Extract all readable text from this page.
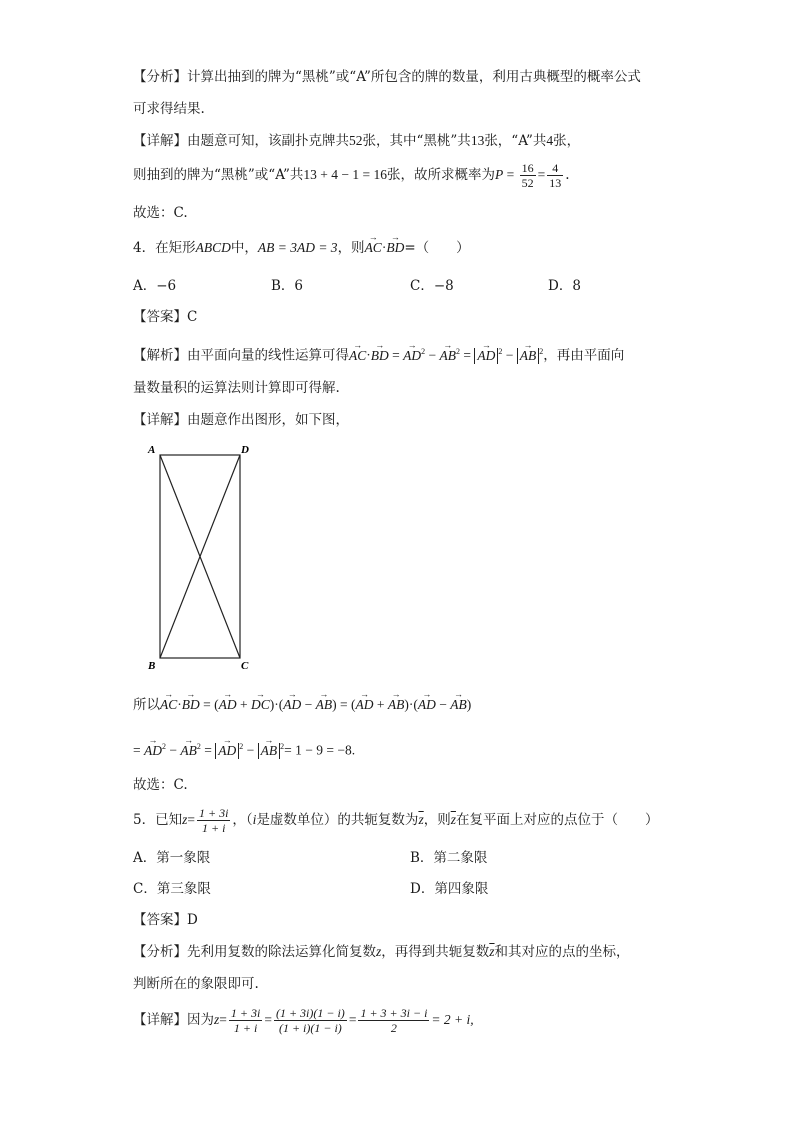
【分析】计算出抽到的牌为“黑桃”或“A”所包含的牌的数量，利用古典概型的概率公式
可求得结果.
【详解】由题意可知，该副扑克牌共52张，其中“黑桃”共13张，“A”共4张，
则抽到的牌为“黑桃”或“A”共13 + 4 − 1 = 16张，故所求概率为$P = \frac{16}{52} = \frac{4}{13}$ .
故选：C.
4．在矩形ABCD中，AB = 3AD = 3，则→ AC·→ BD=（　　）
A．−6	B．6	C．−8	D．8
【答案】C
【解析】由平面向量的线性运算可得→ AC·→ BD = → $AD^2$ − → $AB^2$ = → AD $^2$ − → AB $^2$，再由平面向
量数量积的运算法则计算即可得解.
【详解】由题意作出图形，如下图，
A	D
B	C
所以→ AC·→ BD = (→ AD + → DC)·(→ AD − → AB) = (→ AD + → AB)·(→ AD − → AB)
= → $AD^2$ − → $AB^2$ = → AD $^2$ − → AB $^2$= 1 − 9 = −8.
故选：C.
5．已知$z= \frac{1 + 3i}{1 + i}$ ，（i是虚数单位）的共轭复数为$\overline{z}$，则$\overline{z}$在复平面上对应的点位于（　　）
A．第一象限	B．第二象限
C．第三象限	D．第四象限
【答案】D
【分析】先利用复数的除法运算化简复数z，再得到共轭复数$\overline{z}$和其对应的点的坐标，
判断所在的象限即可.
【详解】因为$z= \frac{1 + 3i}{1 + i} = \frac{(1 + 3i)(1 - i)}{(1 + i)(1 - i)} = \frac{1 + 3 + 3i - i}{2} = 2 + i$,
